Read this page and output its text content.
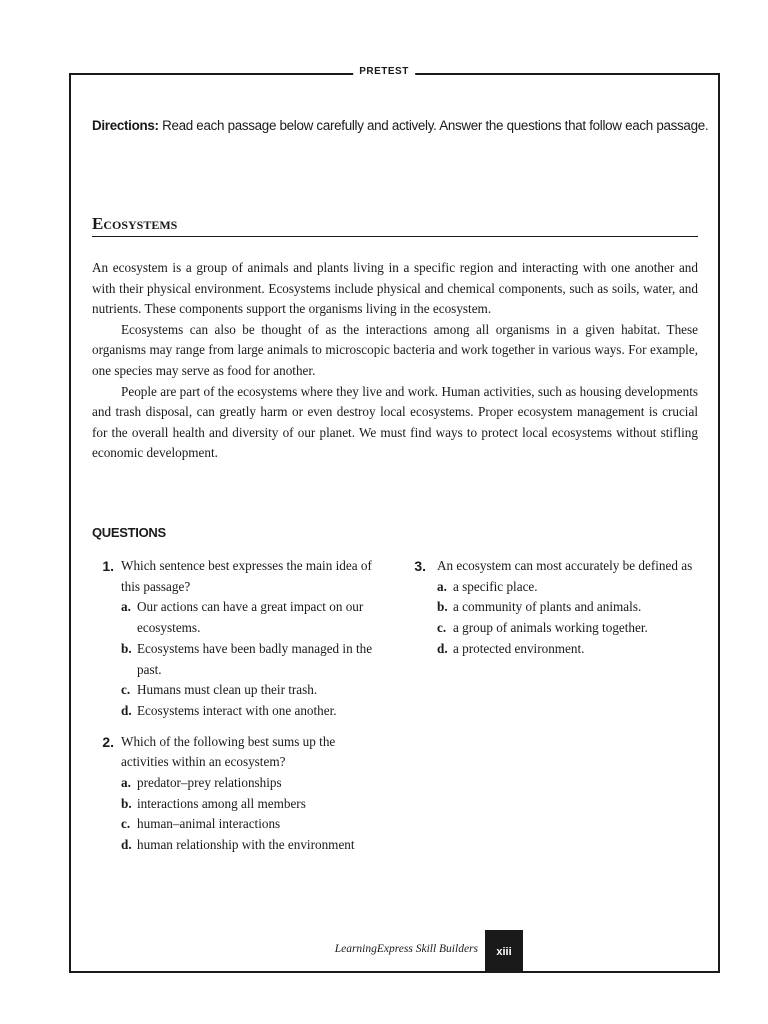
PRETEST
Directions: Read each passage below carefully and actively. Answer the questions that follow each passage.
Ecosystems

An ecosystem is a group of animals and plants living in a specific region and interacting with one another and with their physical environment. Ecosystems include physical and chemical components, such as soils, water, and nutrients. These components support the organisms living in the ecosystem.

Ecosystems can also be thought of as the interactions among all organisms in a given habitat. These organisms may range from large animals to microscopic bacteria and work together in various ways. For example, one species may serve as food for another.

People are part of the ecosystems where they live and work. Human activities, such as housing developments and trash disposal, can greatly harm or even destroy local ecosystems. Proper ecosystem management is crucial for the overall health and diversity of our planet. We must find ways to protect local ecosystems without stifling economic development.

QUESTIONS
1. Which sentence best expresses the main idea of this passage?
a. Our actions can have a great impact on our ecosystems.
b. Ecosystems have been badly managed in the past.
c. Humans must clean up their trash.
d. Ecosystems interact with one another.
2. Which of the following best sums up the activities within an ecosystem?
a. predator–prey relationships
b. interactions among all members
c. human–animal interactions
d. human relationship with the environment
3. An ecosystem can most accurately be defined as
a. a specific place.
b. a community of plants and animals.
c. a group of animals working together.
d. a protected environment.
LearningExpress Skill Builders xiii
